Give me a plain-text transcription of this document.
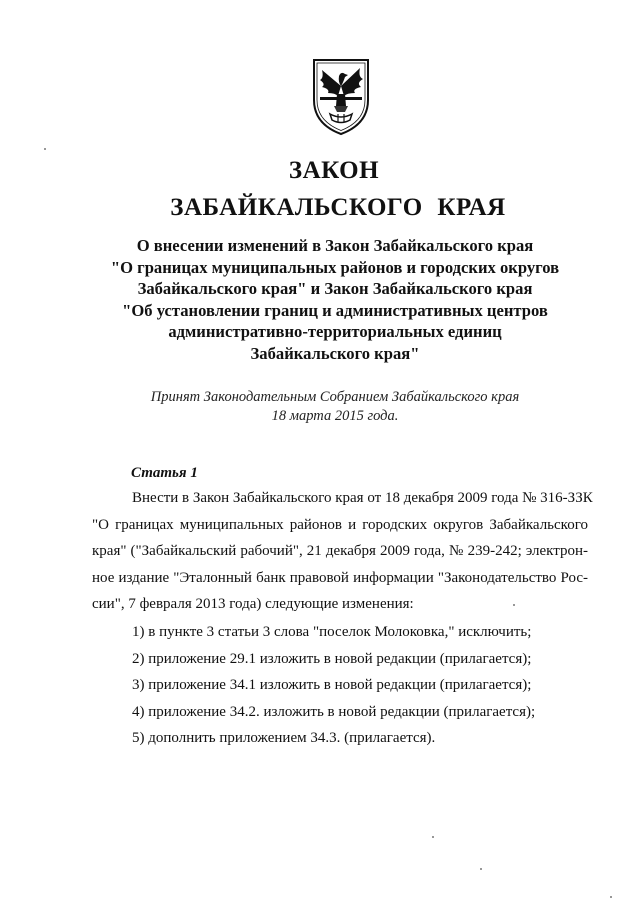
ЗАКОН
ЗАБАЙКАЛЬСКОГО КРАЯ
О внесении изменений в Закон Забайкальского края
"О границах муниципальных районов и городских округов
Забайкальского края" и Закон Забайкальского края
"Об установлении границ и административных центров
административно-территориальных единиц
Забайкальского края"
Принят Законодательным Собранием Забайкальского края
18 марта 2015 года.
Статья 1
Внести в Закон Забайкальского края от 18 декабря 2009 года № 316-ЗЗК
"О границах муниципальных районов и городских округов Забайкальского
края" ("Забайкальский рабочий", 21 декабря 2009 года, № 239-242; электрон-
ное издание "Эталонный банк правовой информации "Законодательство Рос-
сии", 7 февраля 2013 года) следующие изменения:
1) в пункте 3 статьи 3 слова "поселок Молоковка," исключить;
2) приложение 29.1 изложить в новой редакции (прилагается);
3) приложение 34.1 изложить в новой редакции (прилагается);
4) приложение 34.2. изложить в новой редакции (прилагается);
5) дополнить приложением 34.3. (прилагается).
